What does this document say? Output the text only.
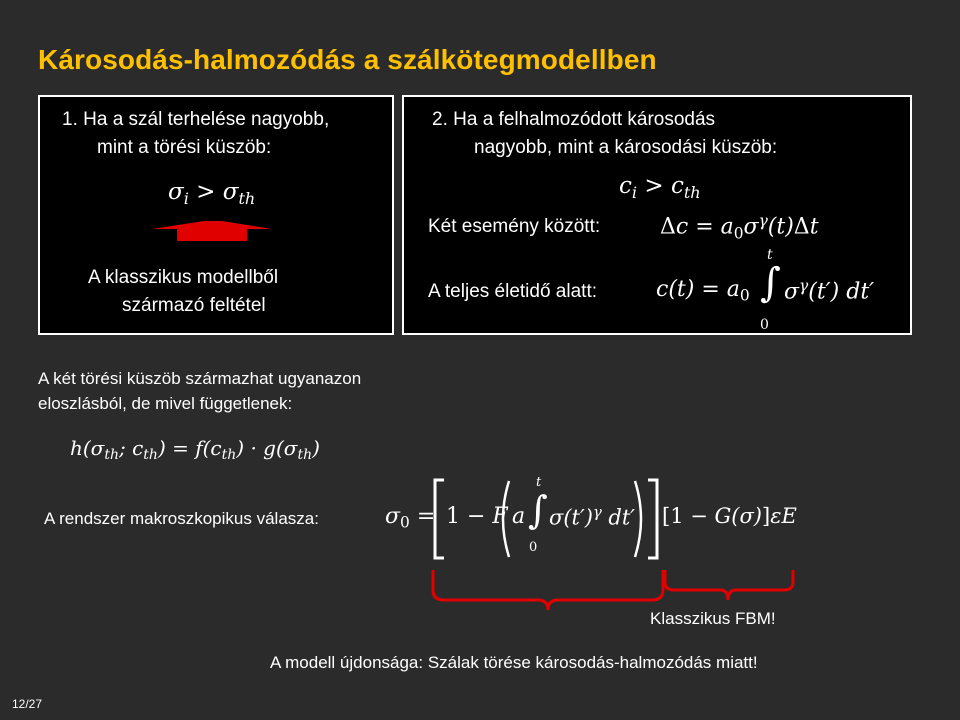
Károsodás-halmozódás a szálkötegmodellben
1. Ha a szál terhelése nagyobb,
mint a törési küszöb:
$\sigma_i > \sigma_{th}$
A klasszikus modellből
származó feltétel
2. Ha a felhalmozódott károsodás
nagyobb, mint a károsodási küszöb:
$c_i > c_{th}$
Két esemény között:	$\Delta c = a_0\sigma^\gamma(t)\Delta t$
A teljes életidő alatt:	$c(t) = a_0$
t
∫
0
$\sigma^\gamma(t')$ dt′
A két törési küszöb származhat ugyanazon
eloszlásból, de mivel függetlenek:
$h(\sigma_{th}$; $c_{th}) = f(c_{th}) \cdot g(\sigma_{th})$
A rendszer makroszkopikus válasza:	$\sigma_0 = 1 - F$ a
t
∫
0
$\sigma(t')^\gamma$ dt′ [1 − G(σ)]εE
Klasszikus FBM!
A modell újdonsága: Szálak törése károsodás-halmozódás miatt!
12/27
